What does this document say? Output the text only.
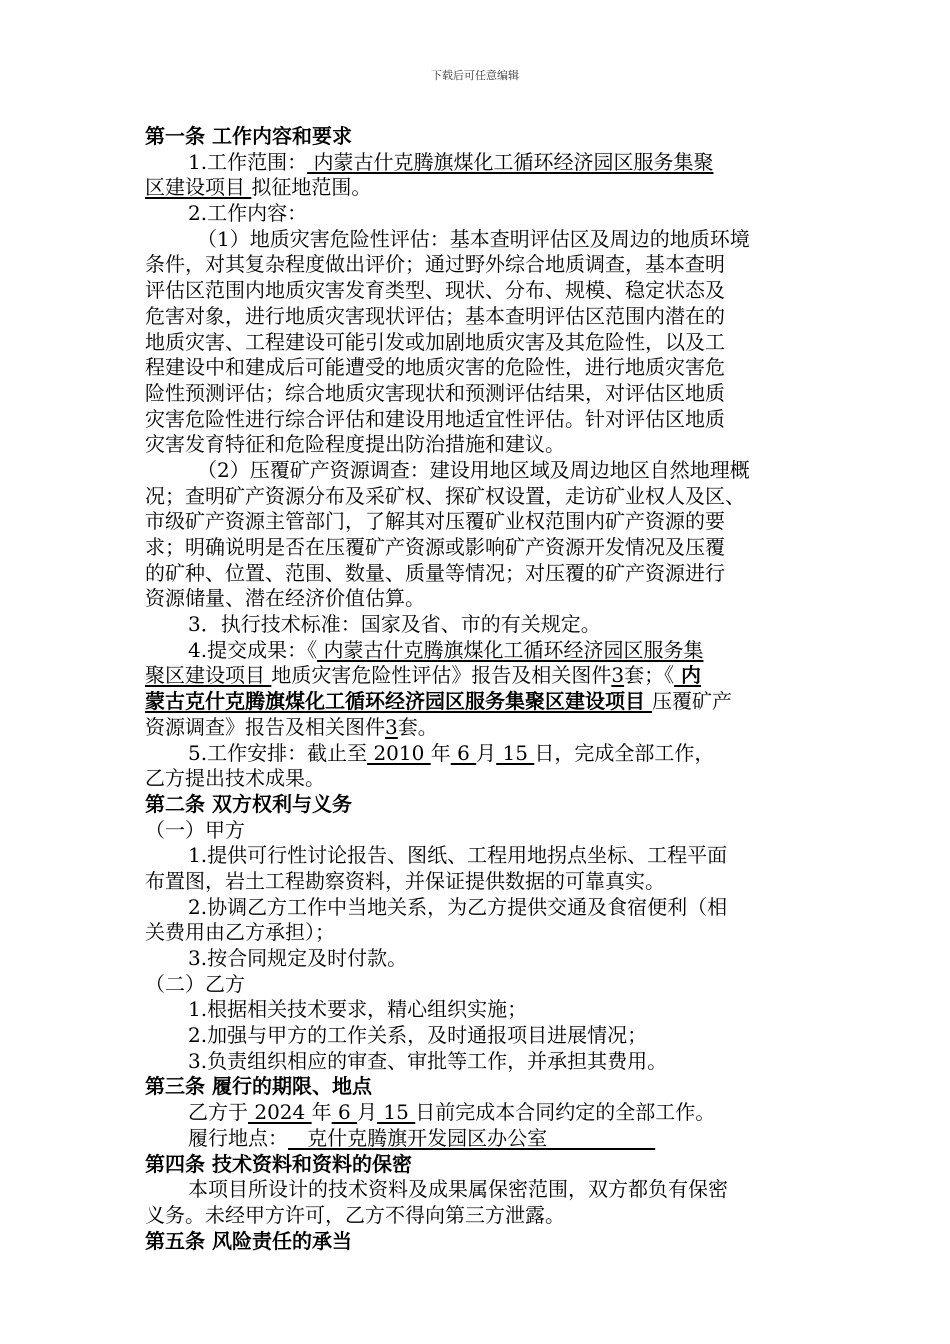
下载后可任意编辑
第一条 工作内容和要求
1.工作范围： 内蒙古什克腾旗煤化工循环经济园区服务集聚
区建设项目 拟征地范围。
2.工作内容：
（1）地质灾害危险性评估：基本查明评估区及周边的地质环境
条件，对其复杂程度做出评价；通过野外综合地质调查，基本查明
评估区范围内地质灾害发育类型、现状、分布、规模、稳定状态及
危害对象，进行地质灾害现状评估；基本查明评估区范围内潜在的
地质灾害、工程建设可能引发或加剧地质灾害及其危险性，以及工
程建设中和建成后可能遭受的地质灾害的危险性，进行地质灾害危
险性预测评估；综合地质灾害现状和预测评估结果，对评估区地质
灾害危险性进行综合评估和建设用地适宜性评估。针对评估区地质
灾害发育特征和危险程度提出防治措施和建议。
（2）压覆矿产资源调查：建设用地区域及周边地区自然地理概
况；查明矿产资源分布及采矿权、探矿权设置，走访矿业权人及区、
市级矿产资源主管部门，了解其对压覆矿业权范围内矿产资源的要
求；明确说明是否在压覆矿产资源或影响矿产资源开发情况及压覆
的矿种、位置、范围、数量、质量等情况；对压覆的矿产资源进行
资源储量、潜在经济价值估算。
3．执行技术标准：国家及省、市的有关规定。
4.提交成果：《 内蒙古什克腾旗煤化工循环经济园区服务集
聚区建设项目 地质灾害危险性评估》报告及相关图件3套；《 内
蒙古克什克腾旗煤化工循环经济园区服务集聚区建设项目 压覆矿产
资源调查》报告及相关图件3套。
5.工作安排：截止至 2010 年 6 月 15 日，完成全部工作，
乙方提出技术成果。
第二条 双方权利与义务
（一）甲方
1.提供可行性讨论报告、图纸、工程用地拐点坐标、工程平面
布置图，岩土工程勘察资料，并保证提供数据的可靠真实。
2.协调乙方工作中当地关系，为乙方提供交通及食宿便利（相
关费用由乙方承担）；
3.按合同规定及时付款。
（二）乙方
1.根据相关技术要求，精心组织实施；
2.加强与甲方的工作关系，及时通报项目进展情况；
3.负责组织相应的审查、审批等工作，并承担其费用。
第三条 履行的期限、地点
乙方于 2024 年 6 月 15 日前完成本合同约定的全部工作。
履行地点：   克什克腾旗开发园区办公室
第四条 技术资料和资料的保密
本项目所设计的技术资料及成果属保密范围，双方都负有保密
义务。未经甲方许可，乙方不得向第三方泄露。
第五条 风险责任的承当
